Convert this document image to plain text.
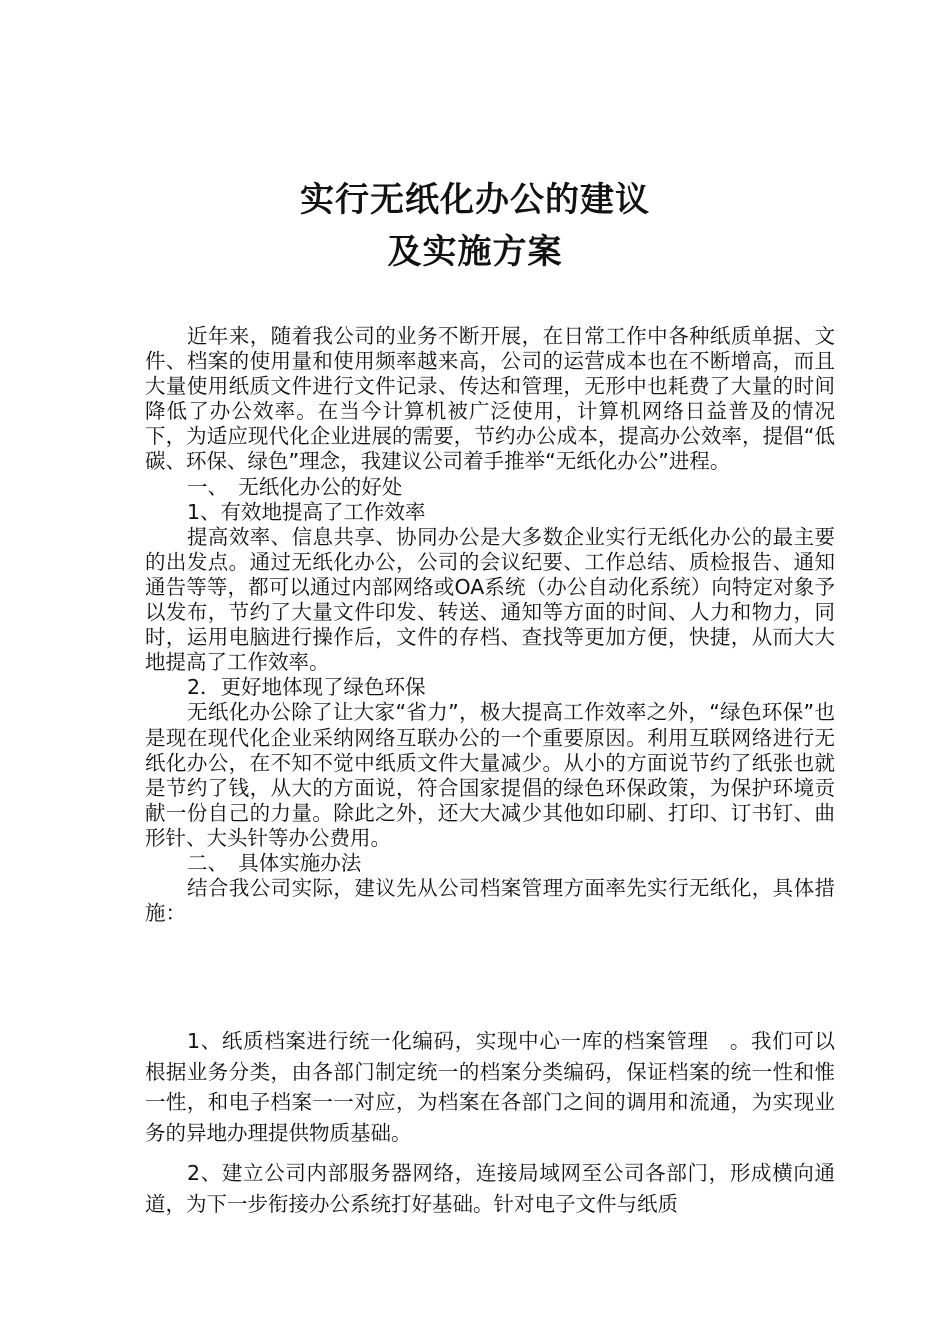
实行无纸化办公的建议
及实施方案

近年来，随着我公司的业务不断开展，在日常工作中各种纸质单据、文件、档案的使用量和使用频率越来高，公司的运营成本也在不断增高，而且大量使用纸质文件进行文件记录、传达和管理，无形中也耗费了大量的时间降低了办公效率。在当今计算机被广泛使用，计算机网络日益普及的情况下，为适应现代化企业进展的需要，节约办公成本，提高办公效率，提倡“低碳、环保、绿色”理念，我建议公司着手推举“无纸化办公”进程。

一、　无纸化办公的好处

1、有效地提高了工作效率

提高效率、信息共享、协同办公是大多数企业实行无纸化办公的最主要的出发点。通过无纸化办公，公司的会议纪要、工作总结、质检报告、通知通告等等，都可以通过内部网络或OA系统（办公自动化系统）向特定对象予以发布，节约了大量文件印发、转送、通知等方面的时间、人力和物力，同时，运用电脑进行操作后，文件的存档、查找等更加方便，快捷，从而大大地提高了工作效率。

2．更好地体现了绿色环保

无纸化办公除了让大家“省力”，极大提高工作效率之外，“绿色环保”也是现在现代化企业采纳网络互联办公的一个重要原因。利用互联网络进行无纸化办公，在不知不觉中纸质文件大量减少。从小的方面说节约了纸张也就是节约了钱，从大的方面说，符合国家提倡的绿色环保政策，为保护环境贡献一份自己的力量。除此之外，还大大减少其他如印刷、打印、订书钉、曲形针、大头针等办公费用。

二、　具体实施办法

结合我公司实际，建议先从公司档案管理方面率先实行无纸化，具体措施：

1、纸质档案进行统一化编码，实现中心一库的档案管理　。我们可以根据业务分类，由各部门制定统一的档案分类编码，保证档案的统一性和惟一性，和电子档案一一对应，为档案在各部门之间的调用和流通，为实现业务的异地办理提供物质基础。

2、建立公司内部服务器网络，连接局域网至公司各部门，形成横向通道，为下一步衔接办公系统打好基础。针对电子文件与纸质
